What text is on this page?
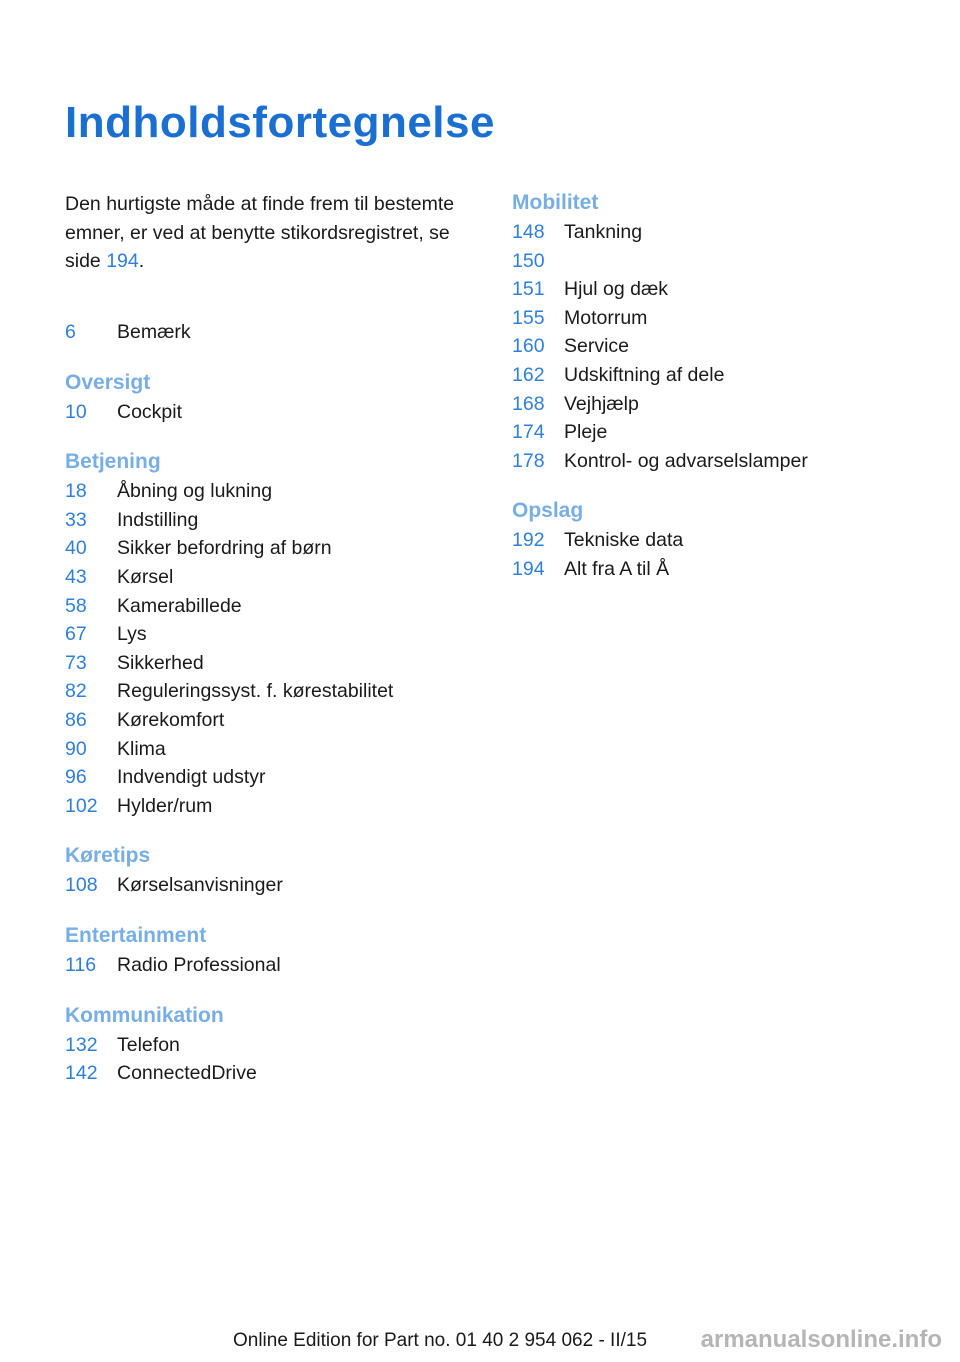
Indholdsfortegnelse

Den hurtigste måde at finde frem til bestemte emner, er ved at benytte stikordsregistret, se side 194.

6	Bemærk
Oversigt
10	Cockpit
Betjening
18	Åbning og lukning
33	Indstilling
40	Sikker befordring af børn
43	Kørsel
58	Kamerabillede
67	Lys
73	Sikkerhed
82	Reguleringssyst. f. kørestabilitet
86	Kørekomfort
90	Klima
96	Indvendigt udstyr
102 Hylder/rum
Køretips
108 Kørselsanvisninger
Entertainment
116	Radio Professional
Kommunikation
132 Telefon
142 ConnectedDrive
Mobilitet
148 Tankning
150
151 Hjul og dæk
155 Motorrum
160 Service
162 Udskiftning af dele
168 Vejhjælp
174 Pleje
178 Kontrol- og advarselslamper
Opslag
192 Tekniske data
194 Alt fra A til Å
Online Edition for Part no. 01 40 2 954 062 - II/15 armanualsonline.info
